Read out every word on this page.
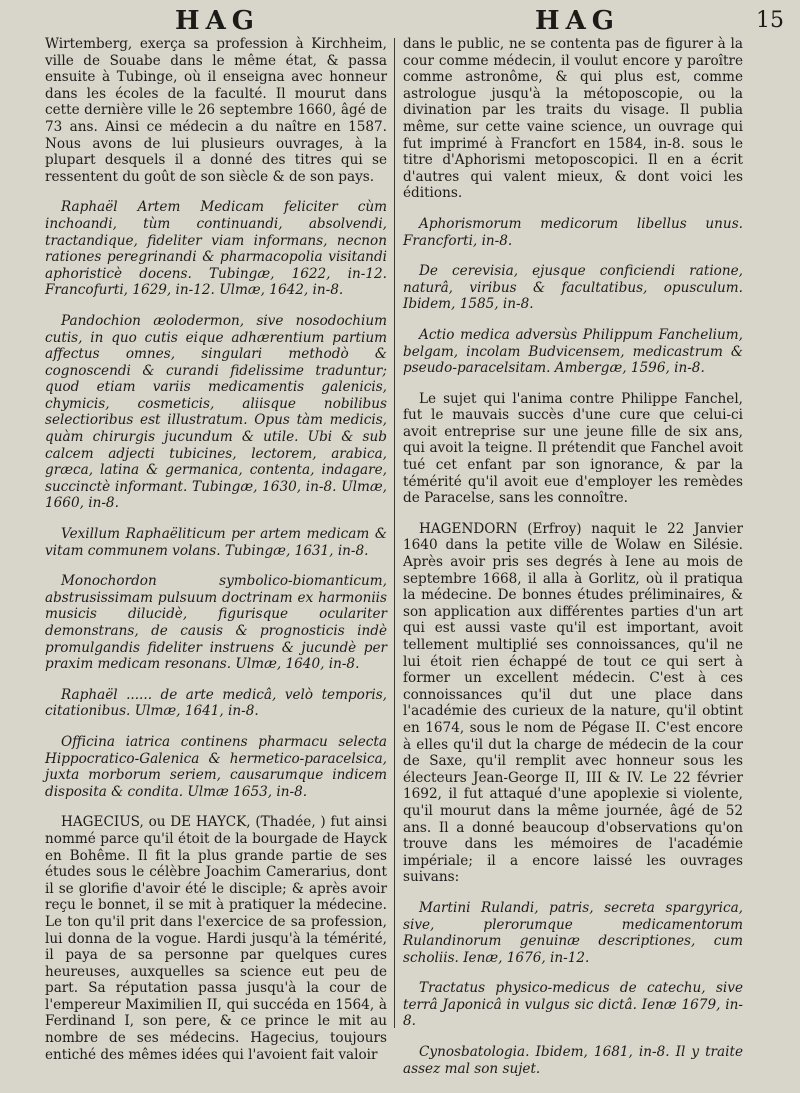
HAG	HAG	15

Wirtemberg, exerça sa profession à Kirchheim, ville de Souabe dans le même état, & passa ensuite à Tubinge, où il enseigna avec honneur dans les écoles de la faculté. Il mourut dans cette dernière ville le 26 septembre 1660, âgé de 73 ans. Ainsi ce médecin a du naître en 1587. Nous avons de lui plusieurs ouvrages, à la plupart desquels il a donné des titres qui se ressentent du goût de son siècle & de son pays.

Raphaël Artem Medicam feliciter cùm inchoandi, tùm continuandi, absolvendi, tractandique, fideliter viam informans, necnon rationes peregrinandi & pharmacopolia visitandi aphoristicè docens. Tubingæ, 1622, in-12. Francofurti, 1629, in-12. Ulmæ, 1642, in-8.

Pandochion æolodermon, sive nosodochium cutis, in quo cutis eique adhærentium partium affectus omnes, singulari methodò & cognoscendi & curandi fidelissime traduntur; quod etiam variis medicamentis galenicis, chymicis, cosmeticis, aliisque nobilibus selectioribus est illustratum. Opus tàm medicis, quàm chirurgis jucundum & utile. Ubi & sub calcem adjecti tubicines, lectorem, arabica, græca, latina & germanica, contenta, indagare, succinctè informant. Tubingæ, 1630, in-8. Ulmæ, 1660, in-8.

Vexillum Raphaëliticum per artem medicam & vitam communem volans. Tubingæ, 1631, in-8.

Monochordon symbolico-biomanticum, abstrusissimam pulsuum doctrinam ex harmoniis musicis dilucidè, figurisque oculariter demonstrans, de causis & prognosticis indè promulgandis fideliter instruens & jucundè per praxim medicam resonans. Ulmæ, 1640, in-8.

Raphaël ...... de arte medicâ, velò temporis, citationibus. Ulmæ, 1641, in-8.

Officina iatrica continens pharmacu selecta Hippocratico-Galenica & hermetico-paracelsica, juxta morborum seriem, causarumque indicem disposita & condita. Ulmæ 1653, in-8.

HAGECIUS, ou DE HAYCK, (Thadée, ) fut ainsi nommé parce qu'il étoit de la bourgade de Hayck en Bohême. Il fit la plus grande partie de ses études sous le célèbre Joachim Camerarius, dont il se glorifie d'avoir été le disciple; & après avoir reçu le bonnet, il se mit à pratiquer la médecine. Le ton qu'il prit dans l'exercice de sa profession, lui donna de la vogue. Hardi jusqu'à la témérité, il paya de sa personne par quelques cures heureuses, auxquelles sa science eut peu de part. Sa réputation passa jusqu'à la cour de l'empereur Maximilien II, qui succéda en 1564, à Ferdinand I, son pere, & ce prince le mit au nombre de ses médecins. Hagecius, toujours entiché des mêmes idées qui l'avoient fait valoir

dans le public, ne se contenta pas de figurer à la cour comme médecin, il voulut encore y paroître comme astronôme, & qui plus est, comme astrologue jusqu'à la métoposcopie, ou la divination par les traits du visage. Il publia même, sur cette vaine science, un ouvrage qui fut imprimé à Francfort en 1584, in-8. sous le titre d'Aphorismi metoposcopici. Il en a écrit d'autres qui valent mieux, & dont voici les éditions.

Aphorismorum medicorum libellus unus. Francforti, in-8.

De cerevisia, ejusque conficiendi ratione, naturâ, viribus & facultatibus, opusculum. Ibidem, 1585, in-8.

Actio medica adversùs Philippum Fanchelium, belgam, incolam Budvicensem, medicastrum & pseudo-paracelsitam. Ambergæ, 1596, in-8.

Le sujet qui l'anima contre Philippe Fanchel, fut le mauvais succès d'une cure que celui-ci avoit entreprise sur une jeune fille de six ans, qui avoit la teigne. Il prétendit que Fanchel avoit tué cet enfant par son ignorance, & par la témérité qu'il avoit eue d'employer les remèdes de Paracelse, sans les connoître.

HAGENDORN (Erfroy) naquit le 22 Janvier 1640 dans la petite ville de Wolaw en Silésie. Après avoir pris ses degrés à Iene au mois de septembre 1668, il alla à Gorlitz, où il pratiqua la médecine. De bonnes études préliminaires, & son application aux différentes parties d'un art qui est aussi vaste qu'il est important, avoit tellement multiplié ses connoissances, qu'il ne lui étoit rien échappé de tout ce qui sert à former un excellent médecin. C'est à ces connoissances qu'il dut une place dans l'académie des curieux de la nature, qu'il obtint en 1674, sous le nom de Pégase II. C'est encore à elles qu'il dut la charge de médecin de la cour de Saxe, qu'il remplit avec honneur sous les électeurs Jean-George II, III & IV. Le 22 février 1692, il fut attaqué d'une apoplexie si violente, qu'il mourut dans la même journée, âgé de 52 ans. Il a donné beaucoup d'observations qu'on trouve dans les mémoires de l'académie impériale; il a encore laissé les ouvrages suivans:

Martini Rulandi, patris, secreta spargyrica, sive, plerorumque medicamentorum Rulandinorum genuinæ descriptiones, cum scholiis. Ienæ, 1676, in-12.

Tractatus physico-medicus de catechu, sive terrâ Japonicâ in vulgus sic dictâ. Ienæ 1679, in-8.

Cynosbatologia. Ibidem, 1681, in-8. Il y traite assez mal son sujet.
